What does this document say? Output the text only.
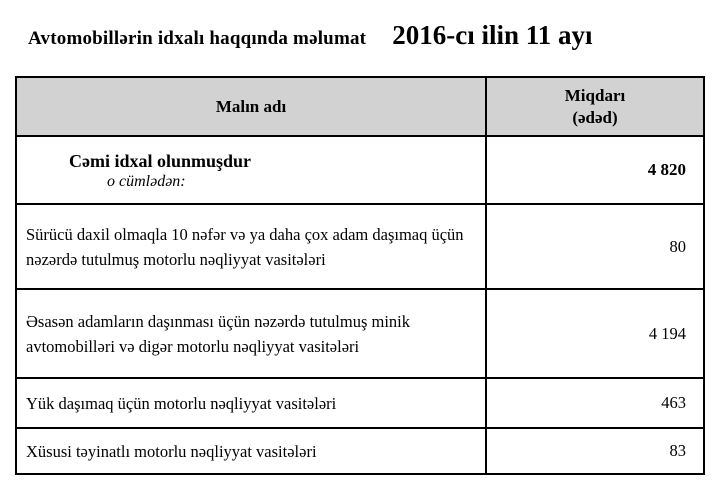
Avtomobillərin idxalı haqqında məlumat 2016-cı ilin 11 ayı
Malın adı	Miqdarı
(ədəd)

Cəmi idxal olunmuşdur
o cümlədən:	4 820
Sürücü daxil olmaqla 10 nəfər və ya daha çox adam daşımaq üçün nəzərdə tutulmuş motorlu nəqliyyat vasitələri	80
Əsasən adamların daşınması üçün nəzərdə tutulmuş minik avtomobilləri və digər motorlu nəqliyyat vasitələri	4 194
Yük daşımaq üçün motorlu nəqliyyat vasitələri	463
Xüsusi təyinatlı motorlu nəqliyyat vasitələri	83
